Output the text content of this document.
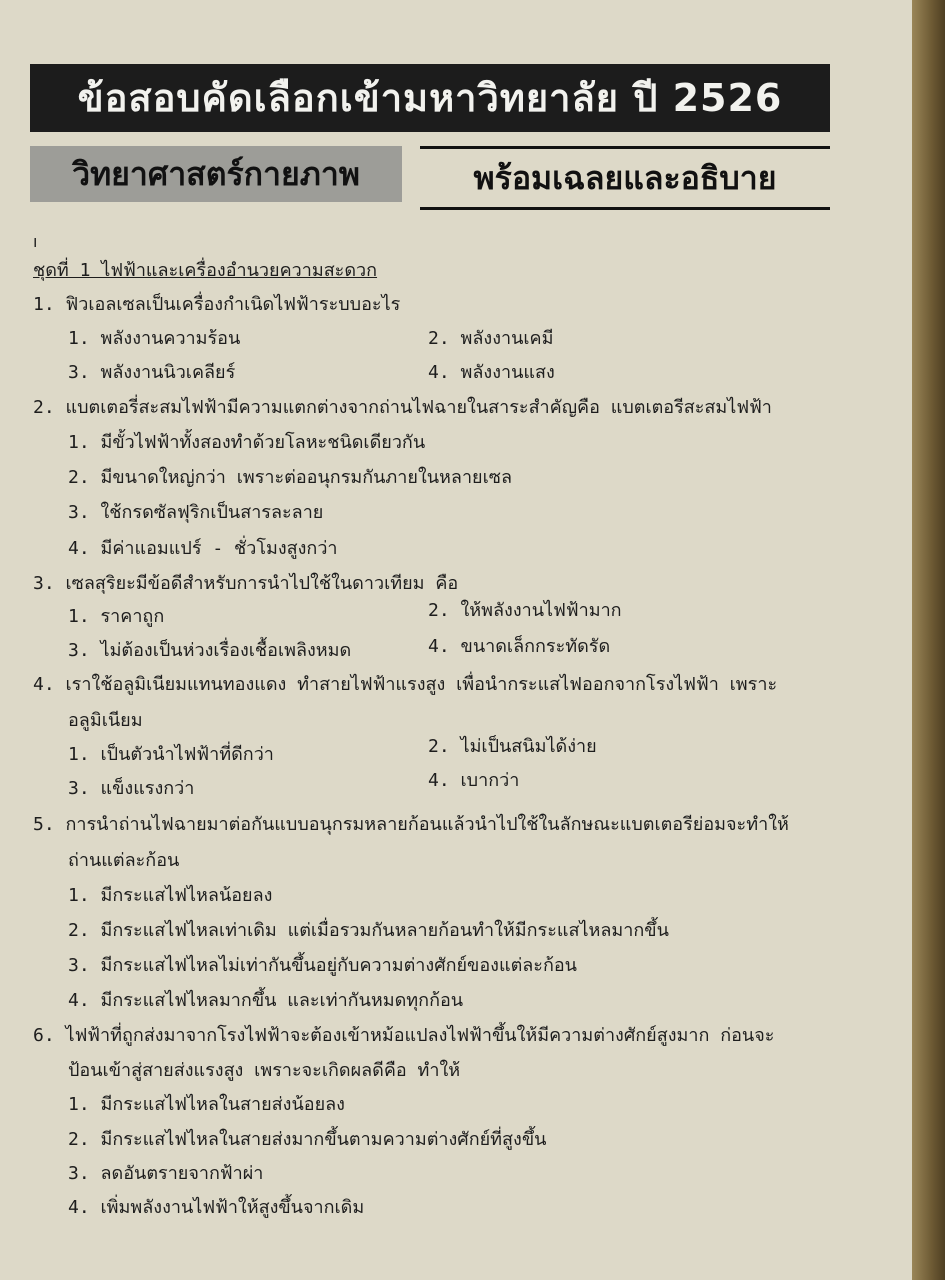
ข้อสอบคัดเลือกเข้ามหาวิทยาลัย ปี 2526
วิทยาศาสตร์กายภาพ	พร้อมเฉลยและอธิบาย
ı
ชุดที่ 1 ไฟฟ้าและเครื่องอำนวยความสะดวก
1. ฟิวเอลเซลเป็นเครื่องกำเนิดไฟฟ้าระบบอะไร
1. พลังงานความร้อน	2. พลังงานเคมี
3. พลังงานนิวเคลียร์	4. พลังงานแสง
2. แบตเตอรี่สะสมไฟฟ้ามีความแตกต่างจากถ่านไฟฉายในสาระสำคัญคือ แบตเตอรีสะสมไฟฟ้า
1. มีขั้วไฟฟ้าทั้งสองทำด้วยโลหะชนิดเดียวกัน
2. มีขนาดใหญ่กว่า เพราะต่ออนุกรมกันภายในหลายเซล
3. ใช้กรดซัลฟุริกเป็นสารละลาย
4. มีค่าแอมแปร์ - ชั่วโมงสูงกว่า
3. เซลสุริยะมีข้อดีสำหรับการนำไปใช้ในดาวเทียม คือ
1. ราคาถูก	2. ให้พลังงานไฟฟ้ามาก
3. ไม่ต้องเป็นห่วงเรื่องเชื้อเพลิงหมด	4. ขนาดเล็กกระทัดรัด
4. เราใช้อลูมิเนียมแทนทองแดง ทำสายไฟฟ้าแรงสูง เพื่อนำกระแสไฟออกจากโรงไฟฟ้า เพราะ
อลูมิเนียม
1. เป็นตัวนำไฟฟ้าที่ดีกว่า	2. ไม่เป็นสนิมได้ง่าย
3. แข็งแรงกว่า	4. เบากว่า
5. การนำถ่านไฟฉายมาต่อกันแบบอนุกรมหลายก้อนแล้วนำไปใช้ในลักษณะแบตเตอรีย่อมจะทำให้
ถ่านแต่ละก้อน
1. มีกระแสไฟไหลน้อยลง
2. มีกระแสไฟไหลเท่าเดิม แต่เมื่อรวมกันหลายก้อนทำให้มีกระแสไหลมากขึ้น
3. มีกระแสไฟไหลไม่เท่ากันขึ้นอยู่กับความต่างศักย์ของแต่ละก้อน
4. มีกระแสไฟไหลมากขึ้น และเท่ากันหมดทุกก้อน
6. ไฟฟ้าที่ถูกส่งมาจากโรงไฟฟ้าจะต้องเข้าหม้อแปลงไฟฟ้าขึ้นให้มีความต่างศักย์สูงมาก ก่อนจะ
ป้อนเข้าสู่สายส่งแรงสูง เพราะจะเกิดผลดีคือ ทำให้
1. มีกระแสไฟไหลในสายส่งน้อยลง
2. มีกระแสไฟไหลในสายส่งมากขึ้นตามความต่างศักย์ที่สูงขึ้น
3. ลดอันตรายจากฟ้าผ่า
4. เพิ่มพลังงานไฟฟ้าให้สูงขึ้นจากเดิม
